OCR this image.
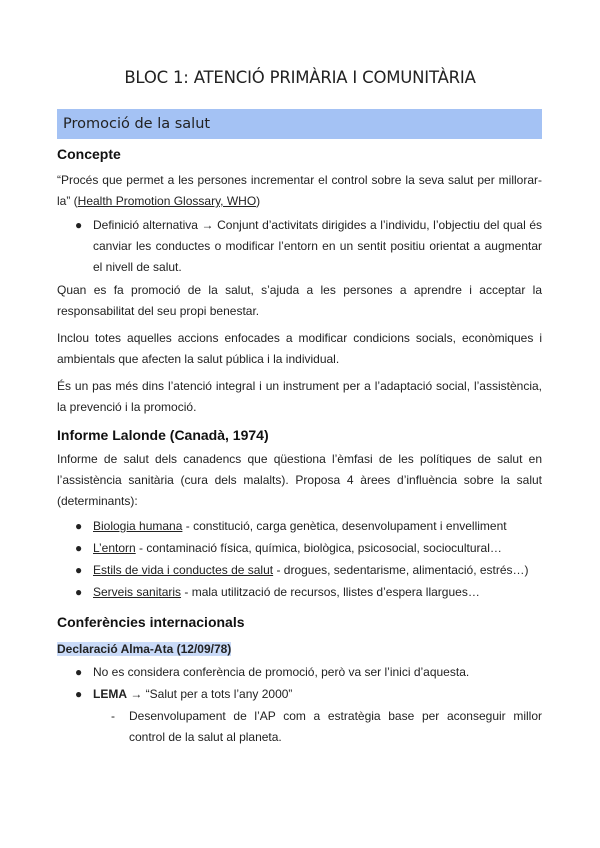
BLOC 1: ATENCIÓ PRIMÀRIA I COMUNITÀRIA
Promoció de la salut
Concepte

“Procés que permet a les persones incrementar el control sobre la seva salut per millorar-la” (Health Promotion Glossary, WHO)

● Definició alternativa → Conjunt d’activitats dirigides a l’individu, l’objectiu del qual és canviar les conductes o modificar l’entorn en un sentit positiu orientat a augmentar el nivell de salut.

Quan es fa promoció de la salut, s’ajuda a les persones a aprendre i acceptar la responsabilitat del seu propi benestar.

Inclou totes aquelles accions enfocades a modificar condicions socials, econòmiques i ambientals que afecten la salut pública i la individual.

És un pas més dins l’atenció integral i un instrument per a l’adaptació social, l’assistència, la prevenció i la promoció.

Informe Lalonde (Canadà, 1974)

Informe de salut dels canadencs que qüestiona l’èmfasi de les polítiques de salut en l’assistència sanitària (cura dels malalts). Proposa 4 àrees d’influència sobre la salut (determinants):

● Biologia humana - constitució, carga genètica, desenvolupament i envelliment
● L’entorn - contaminació física, química, biològica, psicosocial, sociocultural…
● Estils de vida i conductes de salut - drogues, sedentarisme, alimentació, estrés…)
● Serveis sanitaris - mala utilització de recursos, llistes d’espera llargues…
Conferències internacionals

Declaració Alma-Ata (12/09/78)

● No es considera conferència de promoció, però va ser l’inici d’aquesta.
● LEMA → “Salut per a tots l’any 2000”
- Desenvolupament de l’AP com a estratègia base per aconseguir millor control de la salut al planeta.
